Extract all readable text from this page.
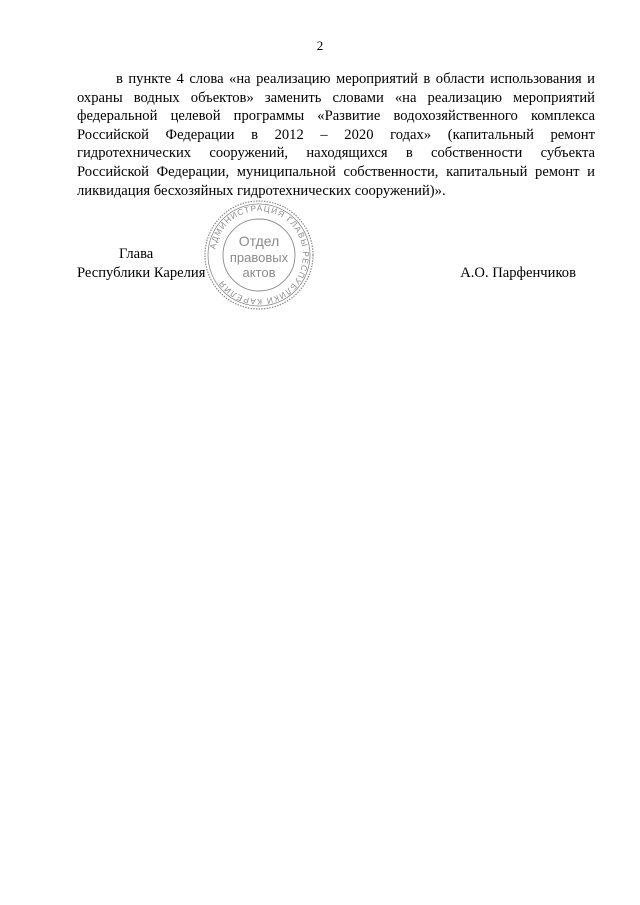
2

в пункте 4 слова «на реализацию мероприятий в области использования и охраны водных объектов» заменить словами «на реализацию мероприятий федеральной целевой программы «Развитие водохозяйственного комплекса Российской Федерации в 2012 – 2020 годах» (капитальный ремонт гидротехнических сооружений, находящихся в собственности субъекта Российской Федерации, муниципальной собственности, капитальный ремонт и ликвидация бесхозяйных гидротехнических сооружений)».

Глава
Республики Карелия	А.О. Парфенчиков
АДМИНИСТРАЦИЯ ГЛАВЫ РЕСПУБЛИКИ КАРЕЛИЯ
Отдел
правовых
актов
